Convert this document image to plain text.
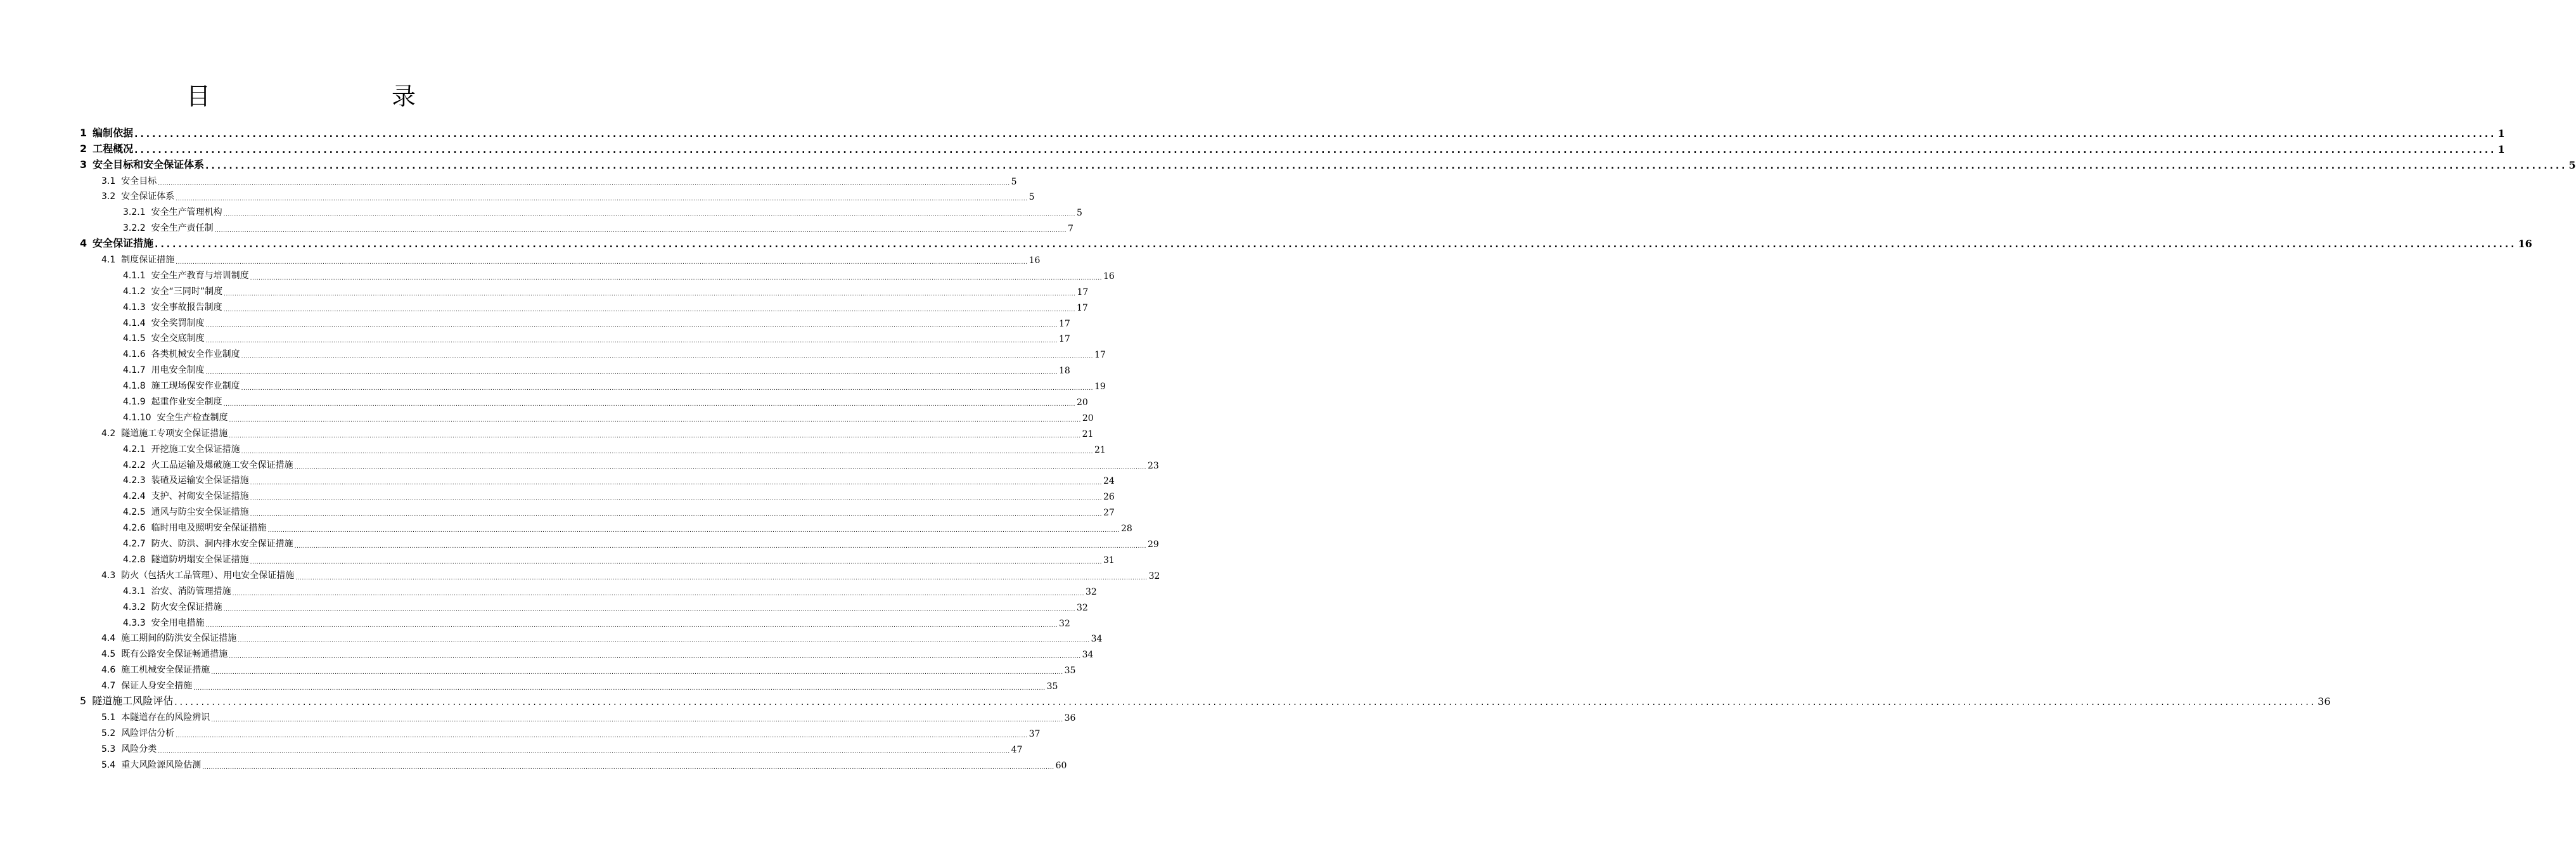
目　　录
1 编制依据 ................................................................................................................................................................................................................................................................................................................................................................................................................ 1
2 工程概况 ................................................................................................................................................................................................................................................................................................................................................................................................................ 1
3 安全目标和安全保证体系 ................................................................................................................................................................................................................................................................................................................................................................................................................ 5
3.1 安全目标 ................................................................................................................................................................................................................................................................................................................................................................................................................ 5
3.2 安全保证体系 ................................................................................................................................................................................................................................................................................................................................................................................................................ 5
3.2.1 安全生产管理机构 ................................................................................................................................................................................................................................................................................................................................................................................................................ 5
3.2.2 安全生产责任制 ................................................................................................................................................................................................................................................................................................................................................................................................................ 7
4 安全保证措施 ................................................................................................................................................................................................................................................................................................................................................................................................................ 16
4.1 制度保证措施 ................................................................................................................................................................................................................................................................................................................................................................................................................ 16
4.1.1 安全生产教育与培训制度 ................................................................................................................................................................................................................................................................................................................................................................................................................ 16
4.1.2 安全“三同时”制度 ................................................................................................................................................................................................................................................................................................................................................................................................................ 17
4.1.3 安全事故报告制度 ................................................................................................................................................................................................................................................................................................................................................................................................................ 17
4.1.4 安全奖罚制度 ................................................................................................................................................................................................................................................................................................................................................................................................................ 17
4.1.5 安全交底制度 ................................................................................................................................................................................................................................................................................................................................................................................................................ 17
4.1.6 各类机械安全作业制度 ................................................................................................................................................................................................................................................................................................................................................................................................................ 17
4.1.7 用电安全制度 ................................................................................................................................................................................................................................................................................................................................................................................................................ 18
4.1.8 施工现场保安作业制度 ................................................................................................................................................................................................................................................................................................................................................................................................................ 19
4.1.9 起重作业安全制度 ................................................................................................................................................................................................................................................................................................................................................................................................................ 20
4.1.10 安全生产检查制度 ................................................................................................................................................................................................................................................................................................................................................................................................................ 20
4.2 隧道施工专项安全保证措施 ................................................................................................................................................................................................................................................................................................................................................................................................................ 21
4.2.1 开挖施工安全保证措施 ................................................................................................................................................................................................................................................................................................................................................................................................................ 21
4.2.2 火工品运输及爆破施工安全保证措施 ................................................................................................................................................................................................................................................................................................................................................................................................................ 23
4.2.3 装碴及运输安全保证措施 ................................................................................................................................................................................................................................................................................................................................................................................................................ 24
4.2.4 支护、衬砌安全保证措施 ................................................................................................................................................................................................................................................................................................................................................................................................................ 26
4.2.5 通风与防尘安全保证措施 ................................................................................................................................................................................................................................................................................................................................................................................................................ 27
4.2.6 临时用电及照明安全保证措施 ................................................................................................................................................................................................................................................................................................................................................................................................................ 28
4.2.7 防火、防洪、洞内排水安全保证措施 ................................................................................................................................................................................................................................................................................................................................................................................................................ 29
4.2.8 隧道防坍塌安全保证措施 ................................................................................................................................................................................................................................................................................................................................................................................................................ 31
4.3 防火（包括火工品管理）、用电安全保证措施 ................................................................................................................................................................................................................................................................................................................................................................................................................ 32
4.3.1 治安、消防管理措施 ................................................................................................................................................................................................................................................................................................................................................................................................................ 32
4.3.2 防火安全保证措施 ................................................................................................................................................................................................................................................................................................................................................................................................................ 32
4.3.3 安全用电措施 ................................................................................................................................................................................................................................................................................................................................................................................................................ 32
4.4 施工期间的防洪安全保证措施 ................................................................................................................................................................................................................................................................................................................................................................................................................ 34
4.5 既有公路安全保证畅通措施 ................................................................................................................................................................................................................................................................................................................................................................................................................ 34
4.6 施工机械安全保证措施 ................................................................................................................................................................................................................................................................................................................................................................................................................ 35
4.7 保证人身安全措施 ................................................................................................................................................................................................................................................................................................................................................................................................................ 35
5 隧道施工风险评估 ................................................................................................................................................................................................................................................................................................................................................................................................................ 36
5.1 本隧道存在的风险辨识 ................................................................................................................................................................................................................................................................................................................................................................................................................ 36
5.2 风险评估分析 ................................................................................................................................................................................................................................................................................................................................................................................................................ 37
5.3 风险分类 ................................................................................................................................................................................................................................................................................................................................................................................................................ 47
5.4 重大风险源风险估测 ................................................................................................................................................................................................................................................................................................................................................................................................................ 60
